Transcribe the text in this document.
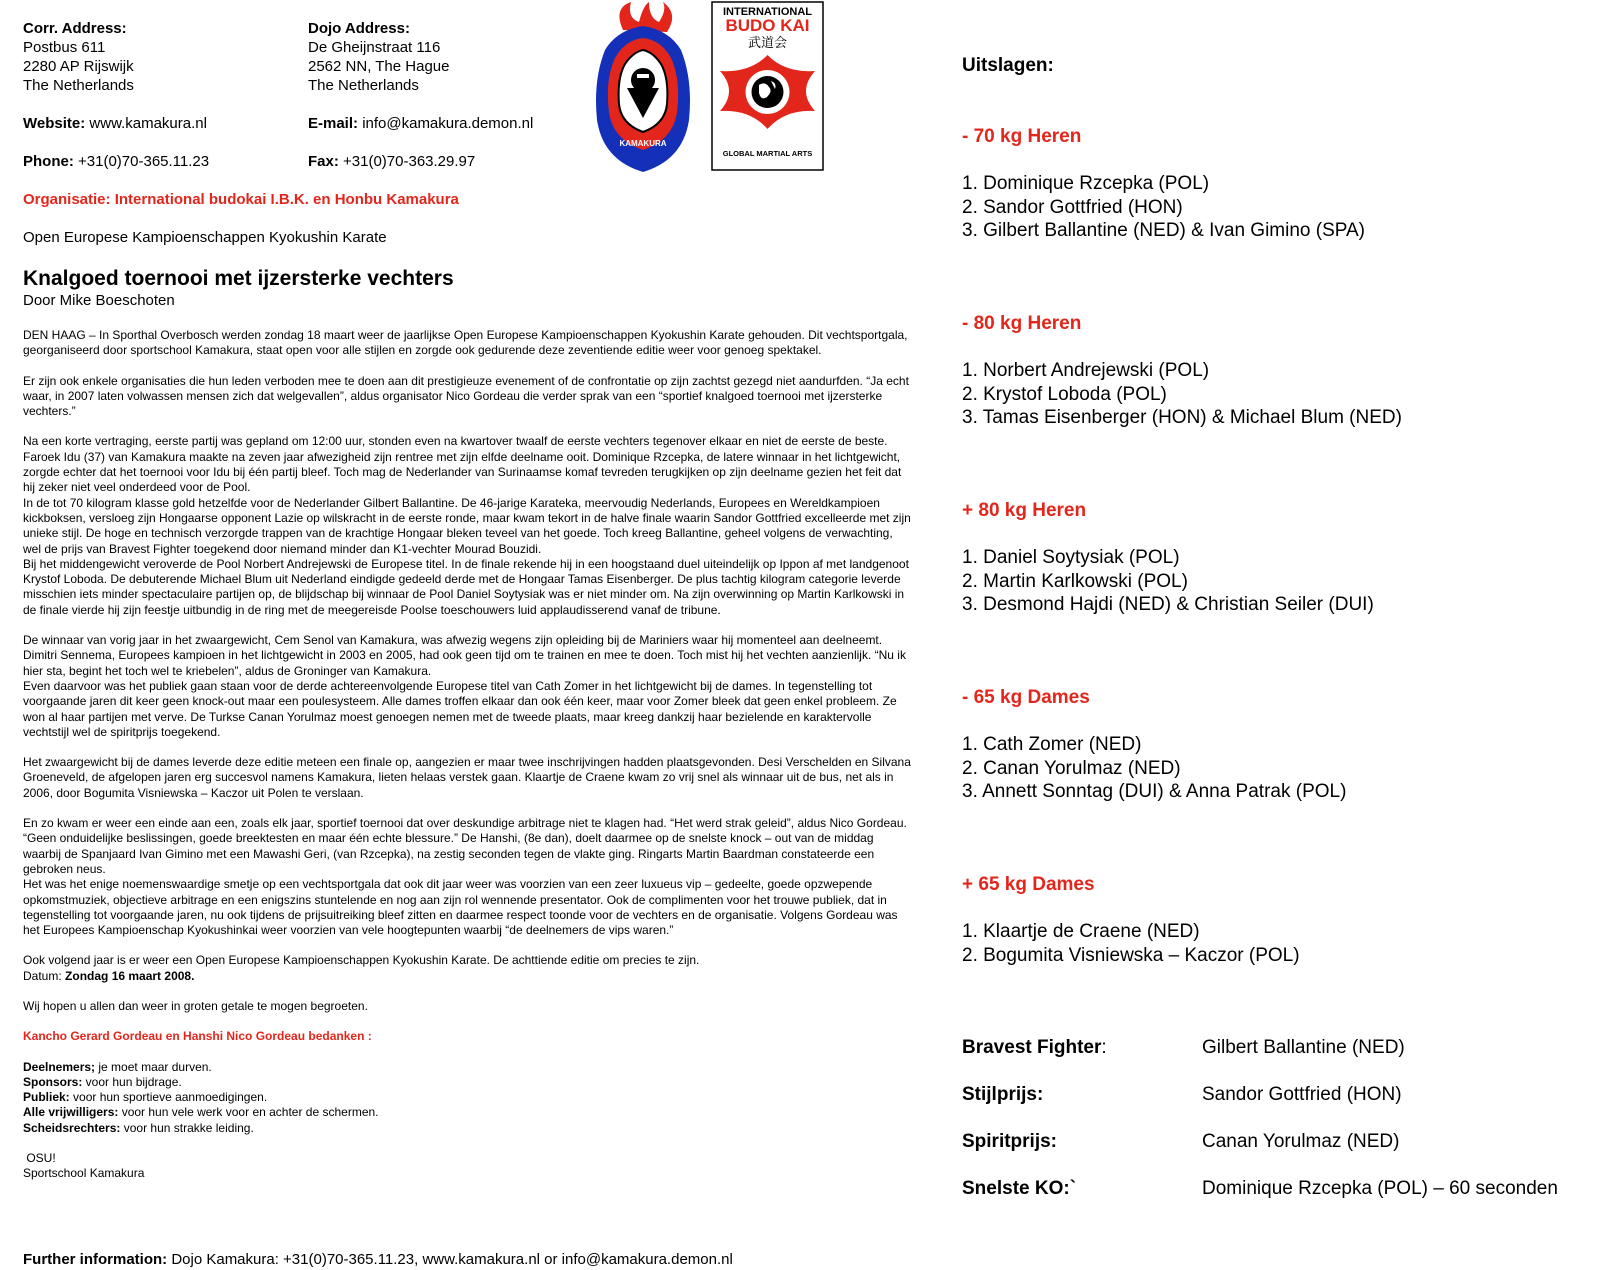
Corr. Address:
Postbus 611
2280 AP Rijswijk
The Netherlands
Website: www.kamakura.nl
Phone: +31(0)70-365.11.23
Dojo Address:
De Gheijnstraat 116
2562 NN, The Hague
The Netherlands
E-mail: info@kamakura.demon.nl
Fax: +31(0)70-363.29.97
KAMAKURA
INTERNATIONAL
BUDO KAI
武道会
GLOBAL MARTIAL ARTS
Organisatie: International budokai I.B.K. en Honbu Kamakura
Open Europese Kampioenschappen Kyokushin Karate
Knalgoed toernooi met ijzersterke vechters
Door Mike Boeschoten

DEN HAAG – In Sporthal Overbosch werden zondag 18 maart weer de jaarlijkse Open Europese Kampioenschappen Kyokushin Karate gehouden. Dit vechtsportgala, georganiseerd door sportschool Kamakura, staat open voor alle stijlen en zorgde ook gedurende deze zeventiende editie weer voor genoeg spektakel.

Er zijn ook enkele organisaties die hun leden verboden mee te doen aan dit prestigieuze evenement of de confrontatie op zijn zachtst gezegd niet aandurfden. “Ja echt waar, in 2007 laten volwassen mensen zich dat welgevallen”, aldus organisator Nico Gordeau die verder sprak van een “sportief knalgoed toernooi met ijzersterke vechters.”

Na een korte vertraging, eerste partij was gepland om 12:00 uur, stonden even na kwartover twaalf de eerste vechters tegenover elkaar en niet de eerste de beste. Faroek Idu (37) van Kamakura maakte na zeven jaar afwezigheid zijn rentree met zijn elfde deelname ooit. Dominique Rzcepka, de latere winnaar in het lichtgewicht, zorgde echter dat het toernooi voor Idu bij één partij bleef. Toch mag de Nederlander van Surinaamse komaf tevreden terugkijken op zijn deelname gezien het feit dat hij zeker niet veel onderdeed voor de Pool.

In de tot 70 kilogram klasse gold hetzelfde voor de Nederlander Gilbert Ballantine. De 46-jarige Karateka, meervoudig Nederlands, Europees en Wereldkampioen kickboksen, versloeg zijn Hongaarse opponent Lazie op wilskracht in de eerste ronde, maar kwam tekort in de halve finale waarin Sandor Gottfried excelleerde met zijn unieke stijl. De hoge en technisch verzorgde trappen van de krachtige Hongaar bleken teveel van het goede. Toch kreeg Ballantine, geheel volgens de verwachting, wel de prijs van Bravest Fighter toegekend door niemand minder dan K1-vechter Mourad Bouzidi.

Bij het middengewicht veroverde de Pool Norbert Andrejewski de Europese titel. In de finale rekende hij in een hoogstaand duel uiteindelijk op Ippon af met landgenoot Krystof Loboda. De debuterende Michael Blum uit Nederland eindigde gedeeld derde met de Hongaar Tamas Eisenberger. De plus tachtig kilogram categorie leverde misschien iets minder spectaculaire partijen op, de blijdschap bij winnaar de Pool Daniel Soytysiak was er niet minder om. Na zijn overwinning op Martin Karlkowski in de finale vierde hij zijn feestje uitbundig in de ring met de meegereisde Poolse toeschouwers luid applaudisserend vanaf de tribune.

De winnaar van vorig jaar in het zwaargewicht, Cem Senol van Kamakura, was afwezig wegens zijn opleiding bij de Mariniers waar hij momenteel aan deelneemt. Dimitri Sennema, Europees kampioen in het lichtgewicht in 2003 en 2005, had ook geen tijd om te trainen en mee te doen. Toch mist hij het vechten aanzienlijk. “Nu ik hier sta, begint het toch wel te kriebelen”, aldus de Groninger van Kamakura.

Even daarvoor was het publiek gaan staan voor de derde achtereenvolgende Europese titel van Cath Zomer in het lichtgewicht bij de dames. In tegenstelling tot voorgaande jaren dit keer geen knock-out maar een poulesysteem. Alle dames troffen elkaar dan ook één keer, maar voor Zomer bleek dat geen enkel probleem. Ze won al haar partijen met verve. De Turkse Canan Yorulmaz moest genoegen nemen met de tweede plaats, maar kreeg dankzij haar bezielende en karaktervolle vechtstijl wel de spiritprijs toegekend.

Het zwaargewicht bij de dames leverde deze editie meteen een finale op, aangezien er maar twee inschrijvingen hadden plaatsgevonden. Desi Verschelden en Silvana Groeneveld, de afgelopen jaren erg succesvol namens Kamakura, lieten helaas verstek gaan. Klaartje de Craene kwam zo vrij snel als winnaar uit de bus, net als in 2006, door Bogumita Visniewska – Kaczor uit Polen te verslaan.

En zo kwam er weer een einde aan een, zoals elk jaar, sportief toernooi dat over deskundige arbitrage niet te klagen had. “Het werd strak geleid”, aldus Nico Gordeau. “Geen onduidelijke beslissingen, goede breektesten en maar één echte blessure.” De Hanshi, (8e dan), doelt daarmee op de snelste knock – out van de middag waarbij de Spanjaard Ivan Gimino met een Mawashi Geri, (van Rzcepka), na zestig seconden tegen de vlakte ging. Ringarts Martin Baardman constateerde een gebroken neus.

Het was het enige noemenswaardige smetje op een vechtsportgala dat ook dit jaar weer was voorzien van een zeer luxueus vip – gedeelte, goede opzwepende opkomstmuziek, objectieve arbitrage en een enigszins stuntelende en nog aan zijn rol wennende presentator. Ook de complimenten voor het trouwe publiek, dat in tegenstelling tot voorgaande jaren, nu ook tijdens de prijsuitreiking bleef zitten en daarmee respect toonde voor de vechters en de organisatie. Volgens Gordeau was het Europees Kampioenschap Kyokushinkai weer voorzien van vele hoogtepunten waarbij “de deelnemers de vips waren.”

Ook volgend jaar is er weer een Open Europese Kampioenschappen Kyokushin Karate. De achttiende editie om precies te zijn.

Datum: Zondag 16 maart 2008.

Wij hopen u allen dan weer in groten getale te mogen begroeten.

Kancho Gerard Gordeau en Hanshi Nico Gordeau bedanken :

Deelnemers; je moet maar durven.
Sponsors: voor hun bijdrage.
Publiek: voor hun sportieve aanmoedigingen.
Alle vrijwilligers: voor hun vele werk voor en achter de schermen.
Scheidsrechters: voor hun strakke leiding.
OSU!
Sportschool Kamakura
Further information: Dojo Kamakura: +31(0)70-365.11.23, www.kamakura.nl or info@kamakura.demon.nl
Uitslagen:
- 70 kg Heren
1. Dominique Rzcepka (POL)
2. Sandor Gottfried (HON)
3. Gilbert Ballantine (NED) & Ivan Gimino (SPA)
- 80 kg Heren
1. Norbert Andrejewski (POL)
2. Krystof Loboda (POL)
3. Tamas Eisenberger (HON) & Michael Blum (NED)
+ 80 kg Heren
1. Daniel Soytysiak (POL)
2. Martin Karlkowski (POL)
3. Desmond Hajdi (NED) & Christian Seiler (DUI)
- 65 kg Dames
1. Cath Zomer (NED)
2. Canan Yorulmaz (NED)
3. Annett Sonntag (DUI) & Anna Patrak (POL)
+ 65 kg Dames
1. Klaartje de Craene (NED)
2. Bogumita Visniewska – Kaczor (POL)
Bravest Fighter:	Gilbert Ballantine (NED)
Stijlprijs:	Sandor Gottfried (HON)
Spiritprijs:	Canan Yorulmaz (NED)
Snelste KO:`	Dominique Rzcepka (POL) – 60 seconden
